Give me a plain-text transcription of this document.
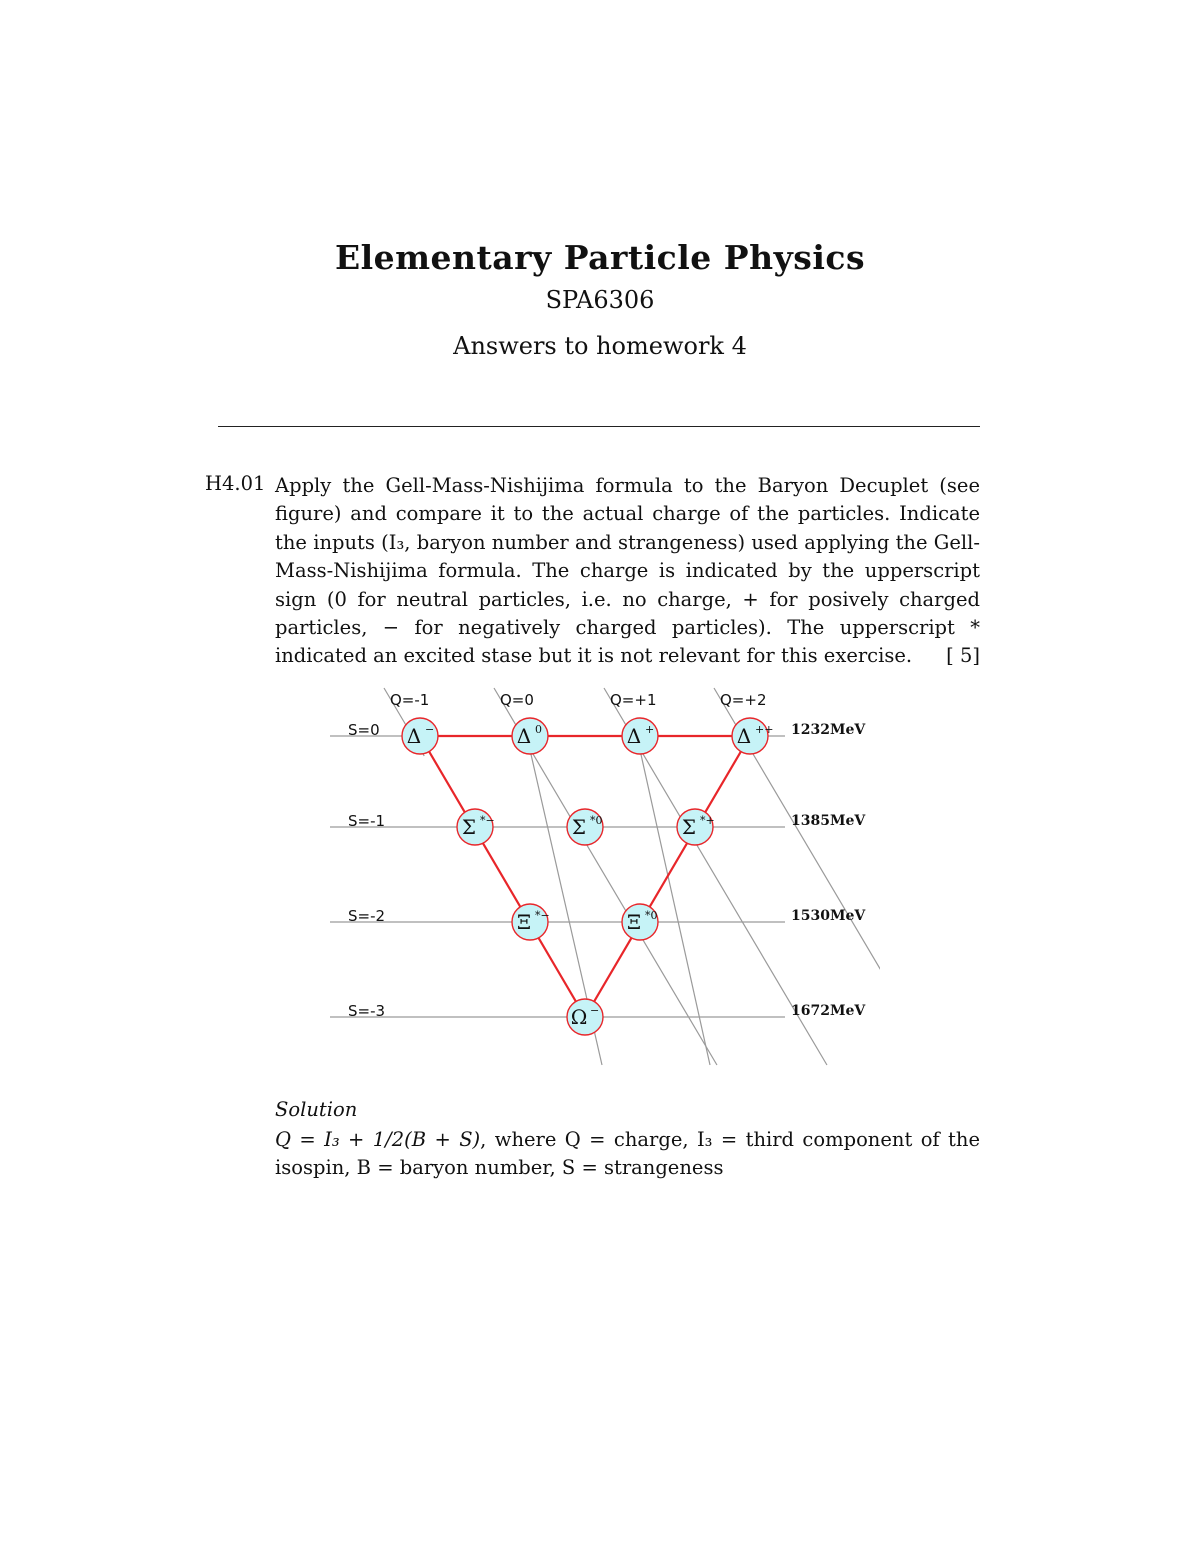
Elementary Particle Physics
SPA6306
Answers to homework 4
H4.01 Apply the Gell-Mass-Nishijima formula to the Baryon Decuplet (see figure) and compare it to the actual charge of the particles. Indicate the inputs (I₃, baryon number and strangeness) used applying the Gell-Mass-Nishijima formula. The charge is indicated by the upperscript sign (0 for neutral particles, i.e. no charge, + for posively charged particles, − for negatively charged particles). The upperscript * indicated an excited stase but it is not relevant for this exercise. [ 5]
Δ −	Δ 0	Δ +	Δ ++
Σ *−	Σ *0	Σ *+
Ξ *−	Ξ *0
Ω −
Q=-1	Q=0	Q=+1	Q=+2
S=0
S=-1
S=-2
S=-3
1232MeV
1385MeV
1530MeV
1672MeV
Solution
Q = I₃ + 1/2(B + S), where Q = charge, I₃ = third component of the isospin, B = baryon number, S = strangeness
